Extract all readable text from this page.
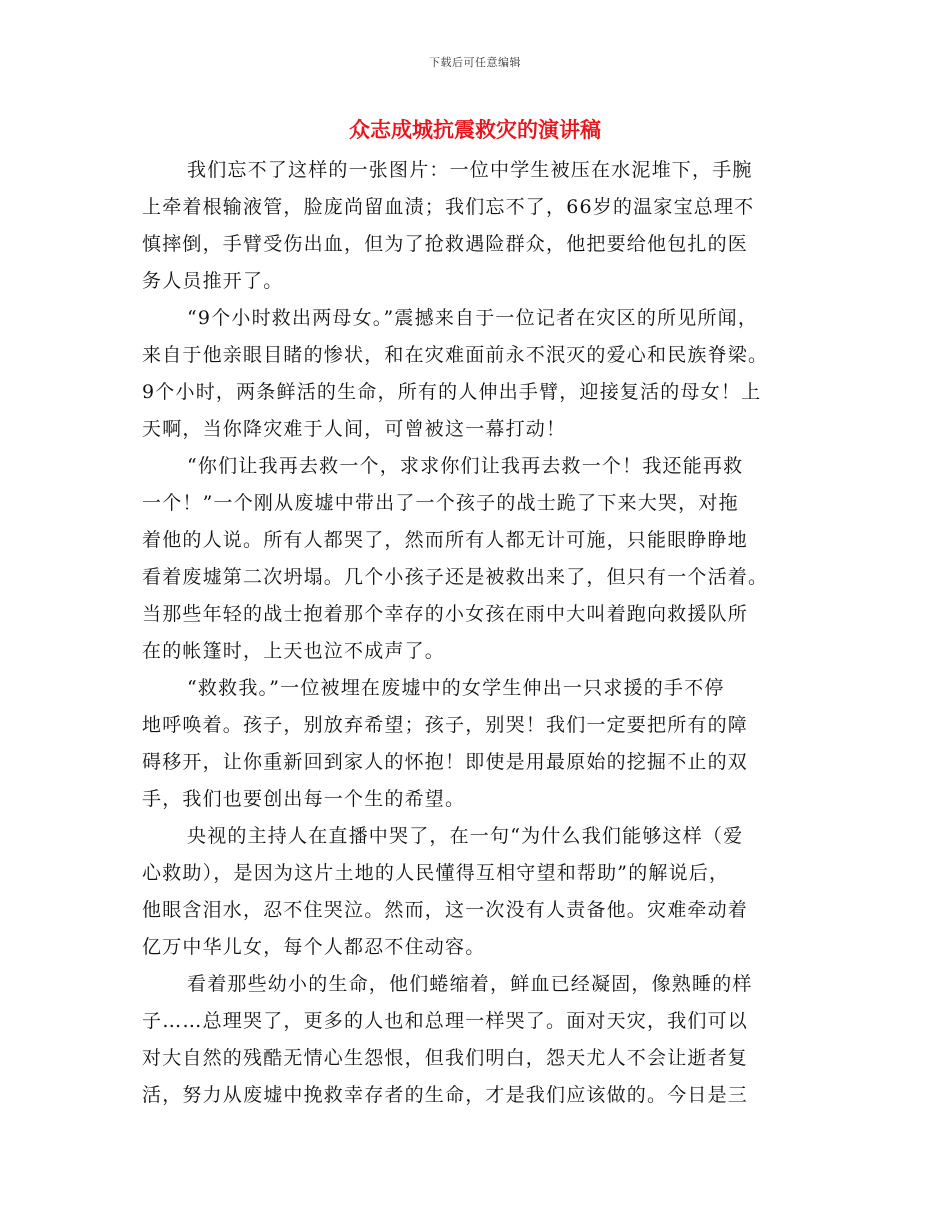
下载后可任意编辑
众志成城抗震救灾的演讲稿
我们忘不了这样的一张图片：一位中学生被压在水泥堆下，手腕
上牵着根输液管，脸庞尚留血渍；我们忘不了，66岁的温家宝总理不
慎摔倒，手臂受伤出血，但为了抢救遇险群众，他把要给他包扎的医
务人员推开了。
“9个小时救出两母女。”震撼来自于一位记者在灾区的所见所闻，
来自于他亲眼目睹的惨状，和在灾难面前永不泯灭的爱心和民族脊梁。
9个小时，两条鲜活的生命，所有的人伸出手臂，迎接复活的母女！上
天啊，当你降灾难于人间，可曾被这一幕打动！
“你们让我再去救一个，求求你们让我再去救一个！我还能再救
一个！”一个刚从废墟中带出了一个孩子的战士跪了下来大哭，对拖
着他的人说。所有人都哭了，然而所有人都无计可施，只能眼睁睁地
看着废墟第二次坍塌。几个小孩子还是被救出来了，但只有一个活着。
当那些年轻的战士抱着那个幸存的小女孩在雨中大叫着跑向救援队所
在的帐篷时，上天也泣不成声了。
“救救我。”一位被埋在废墟中的女学生伸出一只求援的手不停
地呼唤着。孩子，别放弃希望；孩子，别哭！我们一定要把所有的障
碍移开，让你重新回到家人的怀抱！即使是用最原始的挖掘不止的双
手，我们也要创出每一个生的希望。
央视的主持人在直播中哭了，在一句“为什么我们能够这样（爱
心救助），是因为这片土地的人民懂得互相守望和帮助”的解说后，
他眼含泪水，忍不住哭泣。然而，这一次没有人责备他。灾难牵动着
亿万中华儿女，每个人都忍不住动容。
看着那些幼小的生命，他们蜷缩着，鲜血已经凝固，像熟睡的样
子……总理哭了，更多的人也和总理一样哭了。面对天灾，我们可以
对大自然的残酷无情心生怨恨，但我们明白，怨天尤人不会让逝者复
活，努力从废墟中挽救幸存者的生命，才是我们应该做的。今日是三
